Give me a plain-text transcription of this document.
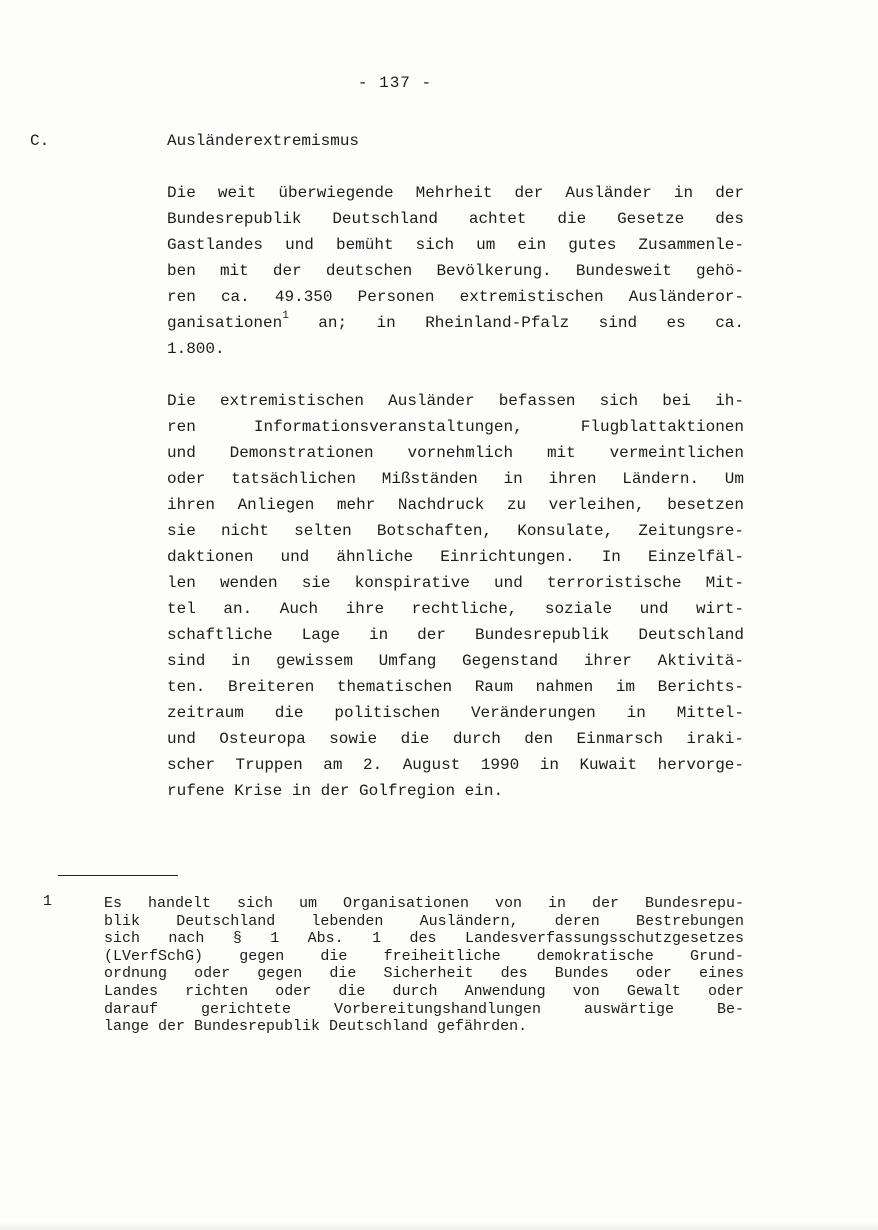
- 137 -
C.	Ausländerextremismus
Die weit überwiegende Mehrheit der Ausländer in der
Bundesrepublik Deutschland achtet die Gesetze des
Gastlandes und bemüht sich um ein gutes Zusammenle-
ben mit der deutschen Bevölkerung. Bundesweit gehö-
ren ca. 49.350 Personen extremistischen Ausländeror-
ganisationen$^1$ an; in Rheinland-Pfalz sind es ca.
1.800.
Die extremistischen Ausländer befassen sich bei ih-
ren Informationsveranstaltungen, Flugblattaktionen
und Demonstrationen vornehmlich mit vermeintlichen
oder tatsächlichen Mißständen in ihren Ländern. Um
ihren Anliegen mehr Nachdruck zu verleihen, besetzen
sie nicht selten Botschaften, Konsulate, Zeitungsre-
daktionen und ähnliche Einrichtungen. In Einzelfäl-
len wenden sie konspirative und terroristische Mit-
tel an. Auch ihre rechtliche, soziale und wirt-
schaftliche Lage in der Bundesrepublik Deutschland
sind in gewissem Umfang Gegenstand ihrer Aktivitä-
ten. Breiteren thematischen Raum nahmen im Berichts-
zeitraum die politischen Veränderungen in Mittel-
und Osteuropa sowie die durch den Einmarsch iraki-
scher Truppen am 2. August 1990 in Kuwait hervorge-
rufene Krise in der Golfregion ein.
1	Es handelt sich um Organisationen von in der Bundesrepu-
blik Deutschland lebenden Ausländern, deren Bestrebungen
sich nach § 1 Abs. 1 des Landesverfassungsschutzgesetzes
(LVerfSchG) gegen die freiheitliche demokratische Grund-
ordnung oder gegen die Sicherheit des Bundes oder eines
Landes richten oder die durch Anwendung von Gewalt oder
darauf gerichtete Vorbereitungshandlungen auswärtige Be-
lange der Bundesrepublik Deutschland gefährden.
